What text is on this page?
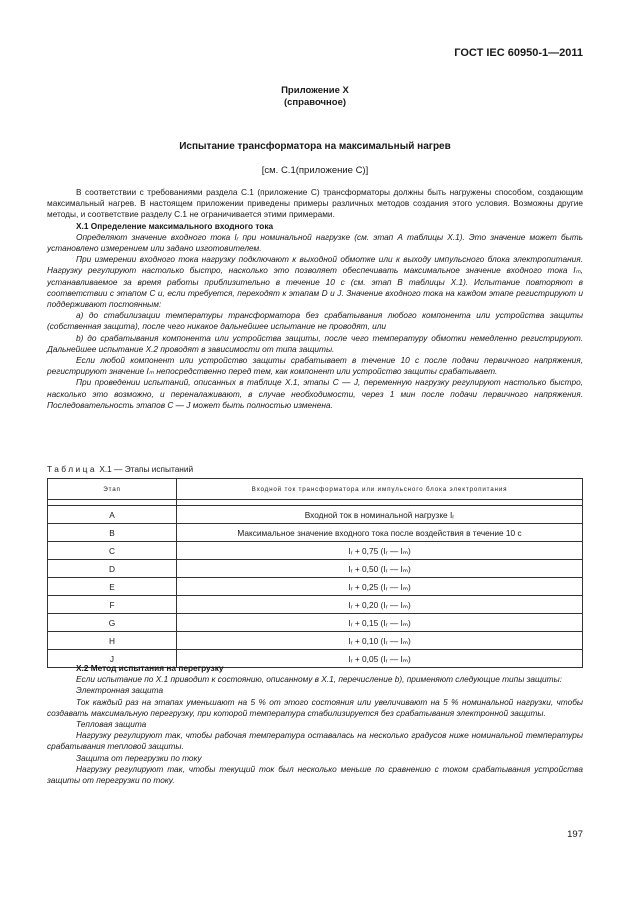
ГОСТ IEC 60950-1—2011
Приложение X
(справочное)
Испытание трансформатора на максимальный нагрев
[см. С.1(приложение С)]

В соответствии с требованиями раздела С.1 (приложение С) трансформаторы должны быть нагружены способом, создающим максимальный нагрев. В настоящем приложении приведены примеры различных методов создания этого условия. Возможны другие методы, и соответствие разделу С.1 не ограничивается этими примерами.

X.1 Определение максимального входного тока

Определяют значение входного тока Iᵣ при номинальной нагрузке (см. этап А таблицы X.1). Это значение может быть установлено измерением или задано изготовителем.

При измерении входного тока нагрузку подключают к выходной обмотке или к выходу импульсного блока электропитания. Нагрузку регулируют настолько быстро, насколько это позволяет обеспечивать максимальное значение входного тока Iₘ, устанавливаемое за время работы приблизительно в течение 10 с (см. этап В таблицы X.1). Испытание повторяют в соответствии с этапом С и, если требуется, переходят к этапам D и J. Значение входного тока на каждом этапе регистрируют и поддерживают постоянным:

a) до стабилизации температуры трансформатора без срабатывания любого компонента или устройства защиты (собственная защита), после чего никакое дальнейшее испытание не проводят, или

b) до срабатывания компонента или устройства защиты, после чего температуру обмотки немедленно регистрируют. Дальнейшее испытание X.2 проводят в зависимости от типа защиты.

Если любой компонент или устройство защиты срабатывает в течение 10 с после подачи первичного напряжения, регистрируют значение Iₘ непосредственно перед тем, как компонент или устройство защиты срабатывает.

При проведении испытаний, описанных в таблице X.1, этапы С — J, переменную нагрузку регулируют настолько быстро, насколько это возможно, и переналаживают, в случае необходимости, через 1 мин после подачи первичного напряжения. Последовательность этапов С — J может быть полностью изменена.

Таблица X.1 — Этапы испытаний
Этап	Входной ток трансформатора или импульсного блока электропитания

A	Входной ток в номинальной нагрузке Iᵣ
B	Максимальное значение входного тока после воздействия в течение 10 с
C	Iᵣ + 0,75 (Iᵣ — Iₘ)
D	Iᵣ + 0,50 (Iᵣ — Iₘ)
E	Iᵣ + 0,25 (Iᵣ — Iₘ)
F	Iᵣ + 0,20 (Iᵣ — Iₘ)
G	Iᵣ + 0,15 (Iᵣ — Iₘ)
H	Iᵣ + 0,10 (Iᵣ — Iₘ)
J	Iᵣ + 0,05 (Iᵣ — Iₘ)

X.2 Метод испытания на перегрузку

Если испытание по X.1 приводит к состоянию, описанному в X.1, перечисление b), применяют следующие типы защиты:

Электронная защита

Ток каждый раз на этапах уменьшают на 5 % от этого состояния или увеличивают на 5 % номинальной нагрузки, чтобы создавать максимальную перегрузку, при которой температура стабилизируется без срабатывания электронной защиты.

Тепловая защита

Нагрузку регулируют так, чтобы рабочая температура оставалась на несколько градусов ниже номинальной температуры срабатывания тепловой защиты.

Защита от перегрузки по току

Нагрузку регулируют так, чтобы текущий ток был несколько меньше по сравнению с током срабатывания устройства защиты от перегрузки по току.

197
